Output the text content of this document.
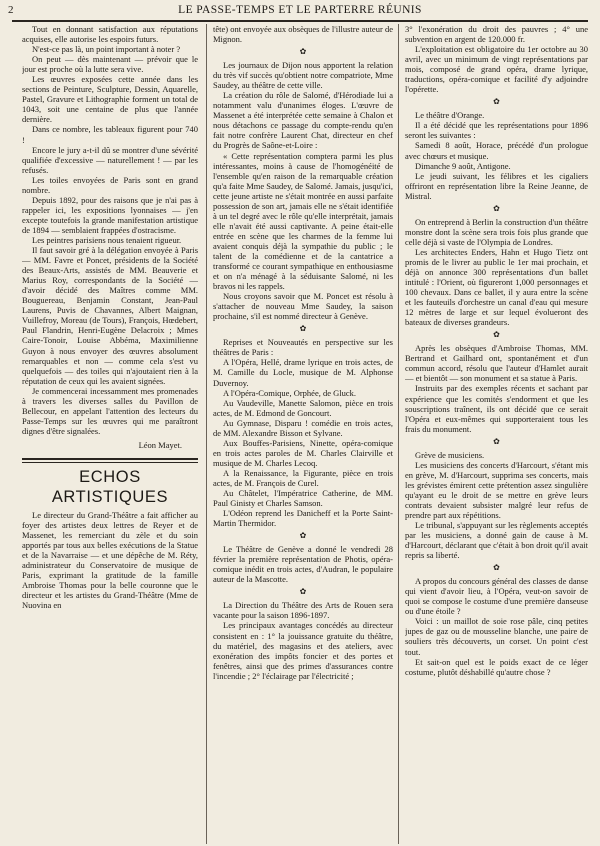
2	LE PASSE-TEMPS ET LE PARTERRE RÉUNIS

Tout en donnant satisfaction aux réputations acquises, elle autorise les espoirs futurs.

N'est-ce pas là, un point important à noter ?

On peut — dès maintenant — prévoir que le jour est proche où la lutte sera vive.

Les œuvres exposées cette année dans les sections de Peinture, Sculpture, Dessin, Aquarelle, Pastel, Gravure et Lithographie forment un total de 1043, soit une centaine de plus que l'année dernière.

Dans ce nombre, les tableaux figurent pour 740 !

Encore le jury a-t-il dû se montrer d'une sévérité qualifiée d'excessive — naturellement ! — par les refusés.

Les toiles envoyées de Paris sont en grand nombre.

Depuis 1892, pour des raisons que je n'ai pas à rappeler ici, les expositions lyonnaises — j'en excepte toutefois la grande manifestation artistique de 1894 — semblaient frappées d'ostracisme.

Les peintres parisiens nous tenaient rigueur.

Il faut savoir gré à la délégation envoyée à Paris — MM. Favre et Poncet, présidents de la Société des Beaux-Arts, assistés de MM. Beauverie et Marius Roy, correspondants de la Société — d'avoir décidé des Maîtres comme MM. Bouguereau, Benjamin Constant, Jean-Paul Laurens, Puvis de Chavannes, Albert Maignan, Vuillefroy, Moreau (de Tours), François, Hœdebert, Paul Flandrin, Henri-Eugène Delacroix ; Mmes Caire-Tonoir, Louise Abbéma, Maximilienne Guyon à nous envoyer des œuvres absolument remarquables et non — comme cela s'est vu quelquefois — des toiles qui n'ajoutaient rien à la réputation de ceux qui les avaient signées.

Je commencerai incessamment mes promenades à travers les diverses salles du Pavillon de Bellecour, en appelant l'attention des lecteurs du Passe-Temps sur les œuvres qui me paraîtront dignes d'être signalées.

Léon Mayet.

ECHOS ARTISTIQUES

Le directeur du Grand-Théâtre a fait afficher au foyer des artistes deux lettres de Reyer et de Massenet, les remerciant du zèle et du soin apportés par tous aux belles exécutions de la Statue et de la Navarraise — et une dépêche de M. Réty, administrateur du Conservatoire de musique de Paris, exprimant la gratitude de la famille Ambroise Thomas pour la belle couronne que le directeur et les artistes du Grand-Théâtre (Mme de Nuovina en

tête) ont envoyée aux obsèques de l'illustre auteur de Mignon.

✿

Les journaux de Dijon nous apportent la relation du très vif succès qu'obtient notre compatriote, Mme Saudey, au théâtre de cette ville.

La création du rôle de Salomé, d'Hérodiade lui a notamment valu d'unanimes éloges. L'œuvre de Massenet a été interprétée cette semaine à Chalon et nous détachons ce passage du compte-rendu qu'en fait notre confrère Laurent Chat, directeur en chef du Progrès de Saône-et-Loire :

« Cette représentation comptera parmi les plus intéressantes, moins à cause de l'homogénéité de l'ensemble qu'en raison de la remarquable création qu'a faite Mme Saudey, de Salomé. Jamais, jusqu'ici, cette jeune artiste ne s'était montrée en aussi parfaite possession de son art, jamais elle ne s'était identifiée à un tel degré avec le rôle qu'elle interprétait, jamais elle n'avait été aussi captivante. A peine était-elle entrée en scène que les charmes de la femme lui avaient conquis déjà la sympathie du public ; le talent de la comédienne et de la cantatrice a transformé ce courant sympathique en enthousiasme et on n'a ménagé à la séduisante Salomé, ni les bravos ni les rappels.

Nous croyons savoir que M. Poncet est résolu à s'attacher de nouveau Mme Saudey, la saison prochaine, s'il est nommé directeur à Genève.

✿

Reprises et Nouveautés en perspective sur les théâtres de Paris :

A l'Opéra, Hellé, drame lyrique en trois actes, de M. Camille du Locle, musique de M. Alphonse Duvernoy.

A l'Opéra-Comique, Orphée, de Gluck.

Au Vaudeville, Manette Salomon, pièce en trois actes, de M. Edmond de Goncourt.

Au Gymnase, Disparu ! comédie en trois actes, de MM. Alexandre Bisson et Sylvane.

Aux Bouffes-Parisiens, Ninette, opéra-comique en trois actes paroles de M. Charles Clairville et musique de M. Charles Lecoq.

A la Renaissance, la Figurante, pièce en trois actes, de M. François de Curel.

Au Châtelet, l'Impératrice Catherine, de MM. Paul Ginisty et Charles Samson.

L'Odéon reprend les Danicheff et la Porte Saint-Martin Thermidor.

✿

Le Théâtre de Genève a donné le vendredi 28 février la première représentation de Photis, opéra-comique inédit en trois actes, d'Audran, le populaire auteur de la Mascotte.

✿

La Direction du Théâtre des Arts de Rouen sera vacante pour la saison 1896-1897.

Les principaux avantages concédés au directeur consistent en : 1° la jouissance gratuite du théâtre, du matériel, des magasins et des ateliers, avec exonération des impôts foncier et des portes et fenêtres, ainsi que des primes d'assurances contre l'incendie ; 2° l'éclairage par l'électricité ;

3° l'exonération du droit des pauvres ; 4° une subvention en argent de 120.000 fr.

L'exploitation est obligatoire du 1er octobre au 30 avril, avec un minimum de vingt représentations par mois, composé de grand opéra, drame lyrique, traductions, opéra-comique et facilité d'y adjoindre l'opérette.

✿

Le théâtre d'Orange.

Il a été décidé que les représentations pour 1896 seront les suivantes :

Samedi 8 août, Horace, précédé d'un prologue avec chœurs et musique.

Dimanche 9 août, Antigone.

Le jeudi suivant, les félibres et les cigaliers offriront en représentation libre la Reine Jeanne, de Mistral.

✿

On entreprend à Berlin la construction d'un théâtre monstre dont la scène sera trois fois plus grande que celle déjà si vaste de l'Olympia de Londres.

Les architectes Enders, Hahn et Hugo Tietz ont promis de le livrer au public le 1er mai prochain, et déjà on annonce 300 représentations d'un ballet intitulé : l'Orient, où figureront 1,000 personnages et 100 chevaux. Dans ce ballet, il y aura entre la scène et les fauteuils d'orchestre un canal d'eau qui mesure 12 mètres de large et sur lequel évolueront des bateaux de diverses grandeurs.

✿

Après les obsèques d'Ambroise Thomas, MM. Bertrand et Gailhard ont, spontanément et d'un commun accord, résolu que l'auteur d'Hamlet aurait — et bientôt — son monument et sa statue à Paris.

Instruits par des exemples récents et sachant par expérience que les comités s'endorment et que les souscriptions traînent, ils ont décidé que ce serait l'Opéra et eux-mêmes qui supporteraient tous les frais du monument.

✿

Grève de musiciens.

Les musiciens des concerts d'Harcourt, s'étant mis en grève, M. d'Harcourt, supprima ses concerts, mais les grévistes émirent cette prétention assez singulière qu'ayant eu le droit de se mettre en grève leurs contrats devaient subsister malgré leur refus de prendre part aux répétitions.

Le tribunal, s'appuyant sur les règlements acceptés par les musiciens, a donné gain de cause à M. d'Harcourt, déclarant que c'était à bon droit qu'il avait repris sa liberté.

✿

A propos du concours général des classes de danse qui vient d'avoir lieu, à l'Opéra, veut-on savoir de quoi se compose le costume d'une première danseuse ou d'une étoile ?

Voici : un maillot de soie rose pâle, cinq petites jupes de gaz ou de mousseline blanche, une paire de souliers très découverts, un corset. Un point c'est tout.

Et sait-on quel est le poids exact de ce léger costume, plutôt déshabillé qu'autre chose ?
